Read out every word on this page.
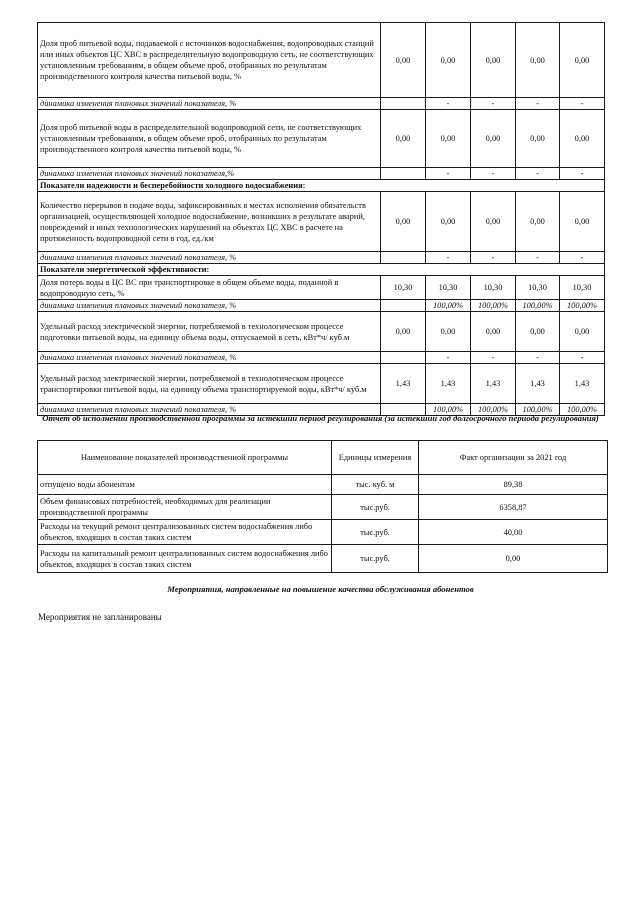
Доля проб питьевой воды, подаваемой с источников водоснабжения, водопроводных станций или иных объектов ЦС ХВС в распределительную водопроводную сеть, не соответствующих установленным требованиям, в общем объеме проб, отобранных по результатам производственного контроля качества питьевой воды, %	0,00	0,00	0,00	0,00	0,00
динамика изменения плановых значений показателя, %		-	-	-	-
Доля проб питьевой воды в распределительной водопроводной сети, не соответствующих установленным требованиям, в общем объеме проб, отобранных по результатам производственного контроля качества питьевой воды, %	0,00	0,00	0,00	0,00	0,00
динамика изменения плановых значений показателя,%		-	-	-	-
Показатели надежности и бесперебойности холодного водоснабжения:					
Количество перерывов в подаче воды, зафиксированных в местах исполнения обязательств организацией, осуществляющей холодное водоснабжение, возникших в результате аварий, повреждений и иных технологических нарушений на объектах ЦС ХВС в расчете на протяженность водопроводной сети в год, ед./км	0,00	0,00	0,00	0,00	0,00
динамика изменения плановых значений показателя, %		-	-	-	-
Показатели энергетической эффективности:					
Доля потерь воды в ЦС ВС при транспортировке в общем объеме воды, поданной в водопроводную сеть, %	10,30	10,30	10,30	10,30	10,30
динамика изменения плановых значений показателя, %		100,00%	100,00%	100,00%	100,00%
Удельный расход электрической энергии, потребляемой в технологическом процессе подготовки питьевой воды, на единицу объема воды, отпускаемой в сеть, кВт*ч/ куб.м	0,00	0,00	0,00	0,00	0,00
динамика изменения плановых значений показателя, %		-	-	-	-
Удельный расход электрической энергии, потребляемой в технологическом процессе транспортировки питьевой воды, на единицу объема транспортируемой воды, кВт*ч/ куб.м	1,43	1,43	1,43	1,43	1,43
динамика изменения плановых значений показателя, %		100,00%	100,00%	100,00%	100,00%

Отчет об исполнении производственной программы за истекший период регулирования (за истекший год долгосрочного периода регулирования)

Наименование показателей производственной программы	Единицы измерения	Факт организации за 2021 год
отпущено воды абонентам	тыс. куб. м	89,38
Объем финансовых потребностей, необходимых для реализации производственной программы	тыс.руб.	6358,87
Расходы на текущий ремонт централизованных систем водоснабжения либо объектов, входящих в состав таких систем	тыс.руб.	40,00
Расходы на капитальный ремонт централизованных систем водоснабжения либо объектов, входящих в состав таких систем	тыс.руб.	0,00

Мероприятия, направленные на повышение качества обслуживания абонентов

Мероприятия не запланированы
